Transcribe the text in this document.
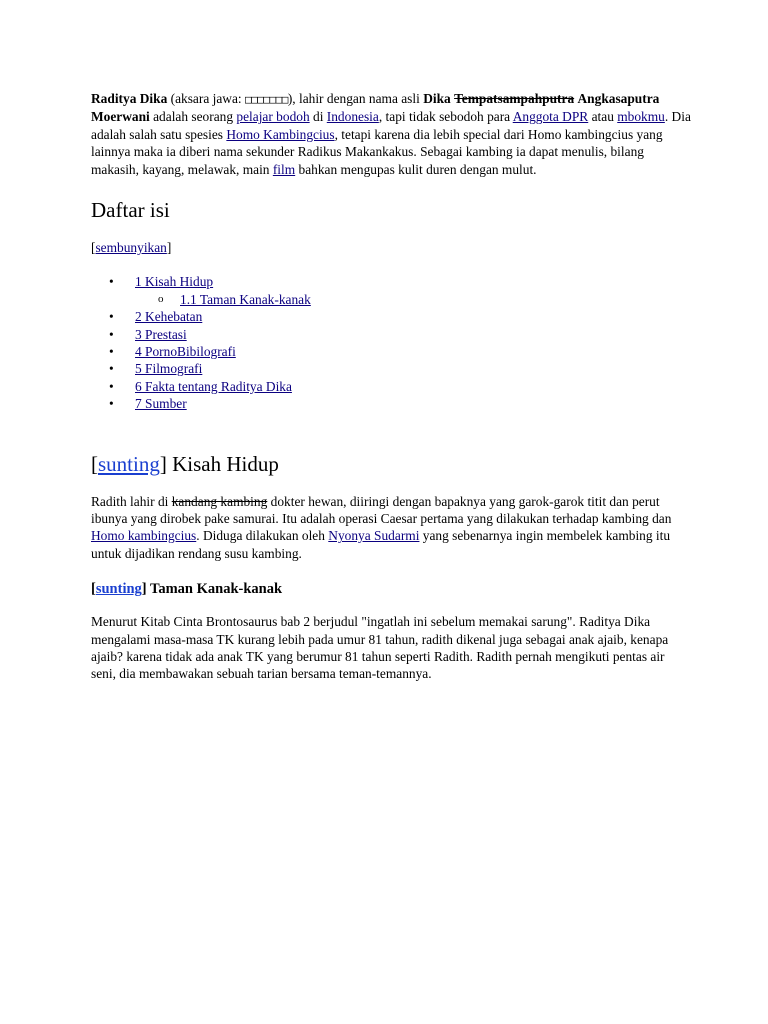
Raditya Dika (aksara jawa: □□□□□□□), lahir dengan nama asli Dika Tempatsampahputra Angkasaputra Moerwani adalah seorang pelajar bodoh di Indonesia, tapi tidak sebodoh para Anggota DPR atau mbokmu. Dia adalah salah satu spesies Homo Kambingcius, tetapi karena dia lebih special dari Homo kambingcius yang lainnya maka ia diberi nama sekunder Radikus Makankakus. Sebagai kambing ia dapat menulis, bilang makasih, kayang, melawak, main film bahkan mengupas kulit duren dengan mulut.

Daftar isi

[sembunyikan]

• 1 Kisah Hidup
o 1.1 Taman Kanak-kanak
• 2 Kehebatan
• 3 Prestasi
• 4 PornoBibilografi
• 5 Filmografi
• 6 Fakta tentang Raditya Dika
• 7 Sumber
[sunting] Kisah Hidup

Radith lahir di kandang kambing dokter hewan, diiringi dengan bapaknya yang garok-garok titit dan perut ibunya yang dirobek pake samurai. Itu adalah operasi Caesar pertama yang dilakukan terhadap kambing dan Homo kambingcius. Diduga dilakukan oleh Nyonya Sudarmi yang sebenarnya ingin membelek kambing itu untuk dijadikan rendang susu kambing.

[sunting] Taman Kanak-kanak

Menurut Kitab Cinta Brontosaurus bab 2 berjudul "ingatlah ini sebelum memakai sarung". Raditya Dika mengalami masa-masa TK kurang lebih pada umur 81 tahun, radith dikenal juga sebagai anak ajaib, kenapa ajaib? karena tidak ada anak TK yang berumur 81 tahun seperti Radith. Radith pernah mengikuti pentas air seni, dia membawakan sebuah tarian bersama teman-temannya.
